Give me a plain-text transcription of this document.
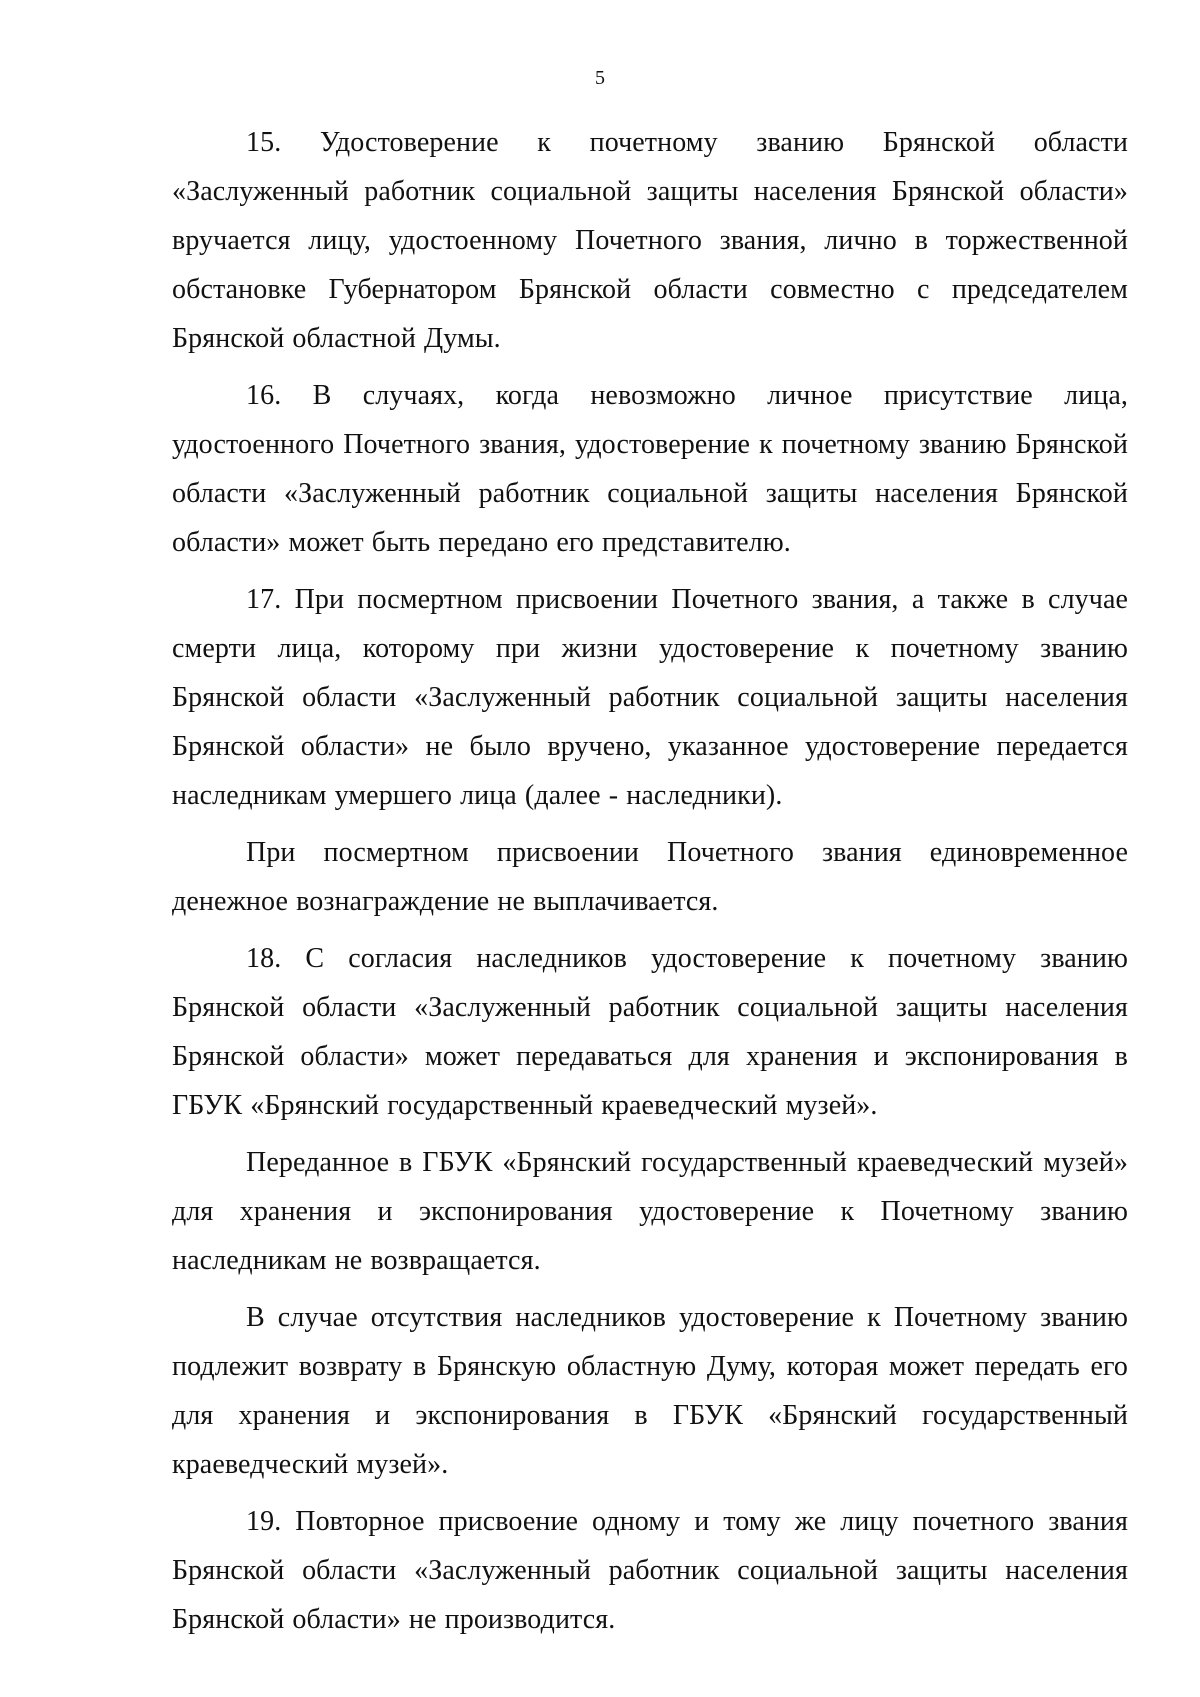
5

15. Удостоверение к почетному званию Брянской области «Заслуженный работник социальной защиты населения Брянской области» вручается лицу, удостоенному Почетного звания, лично в торжественной обстановке Губернатором Брянской области совместно с председателем Брянской областной Думы.

16. В случаях, когда невозможно личное присутствие лица, удостоенного Почетного звания, удостоверение к почетному званию Брянской области «Заслуженный работник социальной защиты населения Брянской области» может быть передано его представителю.

17. При посмертном присвоении Почетного звания, а также в случае смерти лица, которому при жизни удостоверение к почетному званию Брянской области «Заслуженный работник социальной защиты населения Брянской области» не было вручено, указанное удостоверение передается наследникам умершего лица (далее - наследники).

При посмертном присвоении Почетного звания единовременное денежное вознаграждение не выплачивается.

18. С согласия наследников удостоверение к почетному званию Брянской области «Заслуженный работник социальной защиты населения Брянской области» может передаваться для хранения и экспонирования в ГБУК «Брянский государственный краеведческий музей».

Переданное в ГБУК «Брянский государственный краеведческий музей» для хранения и экспонирования удостоверение к Почетному званию наследникам не возвращается.

В случае отсутствия наследников удостоверение к Почетному званию подлежит возврату в Брянскую областную Думу, которая может передать его для хранения и экспонирования в ГБУК «Брянский государственный краеведческий музей».

19. Повторное присвоение одному и тому же лицу почетного звания Брянской области «Заслуженный работник социальной защиты населения Брянской области» не производится.
